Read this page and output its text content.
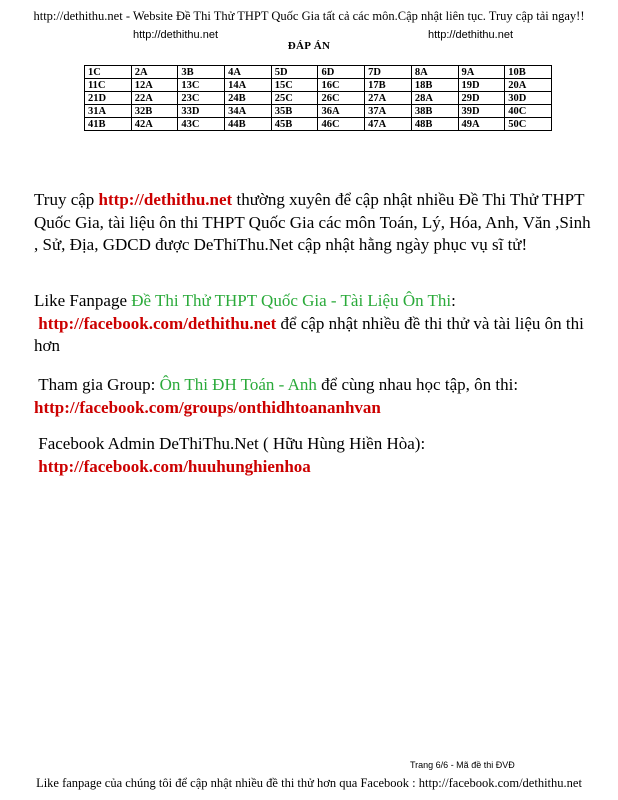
http://dethithu.net - Website Đề Thi Thử THPT Quốc Gia tất cả các môn.Cập nhật liên tục. Truy cập tải ngay!!
http://dethithu.net	http://dethithu.net
ĐÁP ÁN
1C	2A	3B	4A	5D	6D	7D	8A	9A	10B
11C	12A	13C	14A	15C	16C	17B	18B	19D	20A
21D	22A	23C	24B	25C	26C	27A	28A	29D	30D
31A	32B	33D	34A	35B	36A	37A	38B	39D	40C
41B	42A	43C	44B	45B	46C	47A	48B	49A	50C
Truy cập http://dethithu.net thường xuyên để cập nhật nhiều Đề Thi Thử THPT Quốc Gia, tài liệu ôn thi THPT Quốc Gia các môn Toán, Lý, Hóa, Anh, Văn ,Sinh , Sử, Địa, GDCD được DeThiThu.Net cập nhật hằng ngày phục vụ sĩ tử!
Like Fanpage Đề Thi Thử THPT Quốc Gia - Tài Liệu Ôn Thi:
http://facebook.com/dethithu.net để cập nhật nhiều đề thi thử và tài liệu ôn thi hơn
Tham gia Group: Ôn Thi ĐH Toán - Anh để cùng nhau học tập, ôn thi:
http://facebook.com/groups/onthidhtoananhvan
Facebook Admin DeThiThu.Net ( Hữu Hùng Hiền Hòa):
http://facebook.com/huuhunghienhoa
Trang 6/6 - Mã đề thi ĐVĐ
Like fanpage của chúng tôi để cập nhật nhiều đề thi thử hơn qua Facebook : http://facebook.com/dethithu.net
